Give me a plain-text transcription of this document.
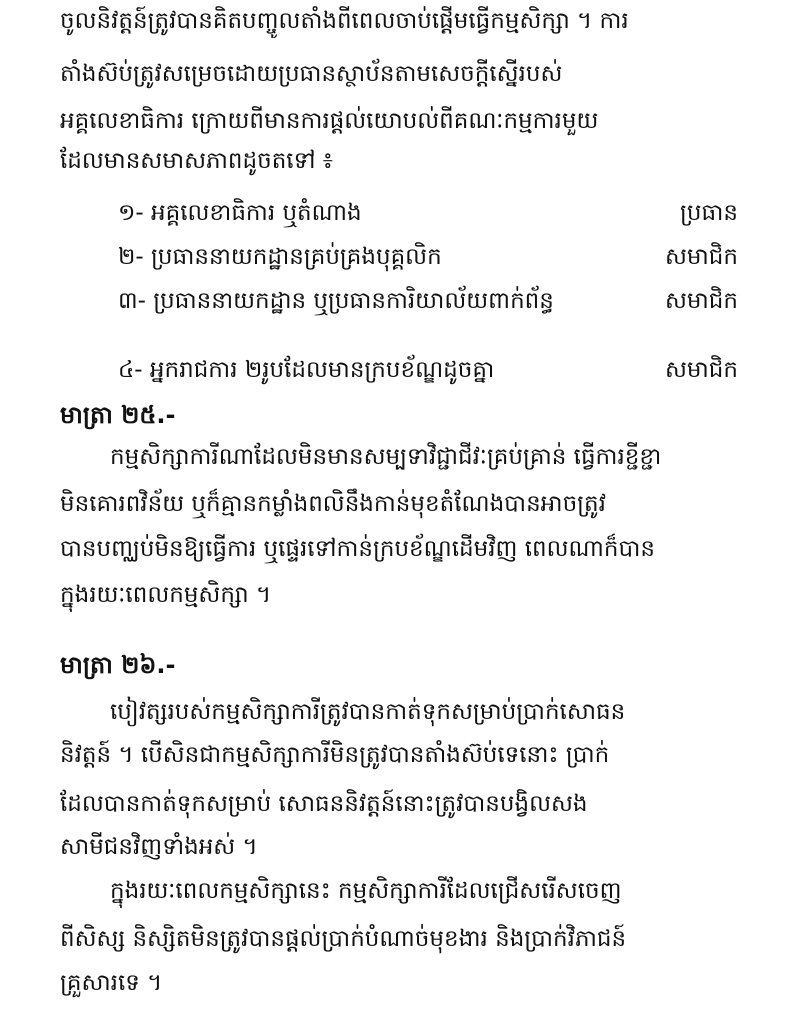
ចូលនិវត្តន៍ត្រូវបានគិតបញ្ចូលតាំងពីពេលចាប់ផ្តើមធ្វើកម្មសិក្សា ។ ការ
តាំងស៊ប់ត្រូវសម្រេចដោយប្រធានស្ថាប័នតាមសេចក្តីស្នើរបស់
អគ្គលេខាធិការ ក្រោយពីមានការផ្តល់យោបល់ពីគណៈកម្មការមួយ
ដែលមានសមាសភាពដូចតទៅ ៖
១- អគ្គលេខាធិការ ឬតំណាង	ប្រធាន
២- ប្រធាននាយកដ្ឋានគ្រប់គ្រងបុគ្គលិក	សមាជិក
៣- ប្រធាននាយកដ្ឋាន ឬប្រធានការិយាល័យពាក់ព័ន្ធ	សមាជិក
៤- អ្នករាជការ ២រូបដែលមានក្របខ័ណ្ឌដូចគ្នា	សមាជិក
មាត្រា ២៥.-
កម្មសិក្សាការីណាដែលមិនមានសម្បទាវិជ្ជាជីវៈគ្រប់គ្រាន់ ធ្វើការខ្ជីខ្ជា
មិនគោរពវិន័យ ឬក៏គ្មានកម្លាំងពលិនឹងកាន់មុខតំណែងបានអាចត្រូវ
បានបញ្ឈប់មិនឱ្យធ្វើការ ឬផ្ទេរទៅកាន់ក្របខ័ណ្ឌដើមវិញ ពេលណាក៏បាន
ក្នុងរយៈពេលកម្មសិក្សា ។
មាត្រា ២៦.-
បៀវត្សរបស់កម្មសិក្សាការីត្រូវបានកាត់ទុកសម្រាប់ប្រាក់សោធន
និវត្តន៍ ។ បើសិនជាកម្មសិក្សាការីមិនត្រូវបានតាំងស៊ប់ទេនោះ ប្រាក់
ដែលបានកាត់ទុកសម្រាប់ សោធននិវត្តន៍នោះត្រូវបានបង្វិលសង
សាមីជនវិញទាំងអស់ ។
ក្នុងរយៈពេលកម្មសិក្សានេះ កម្មសិក្សាការីដែលជ្រើសរើសចេញ
ពីសិស្ស និស្សិតមិនត្រូវបានផ្តល់ប្រាក់បំណាច់មុខងារ និងប្រាក់វិភាជន៍
គ្រួសារទេ ។
